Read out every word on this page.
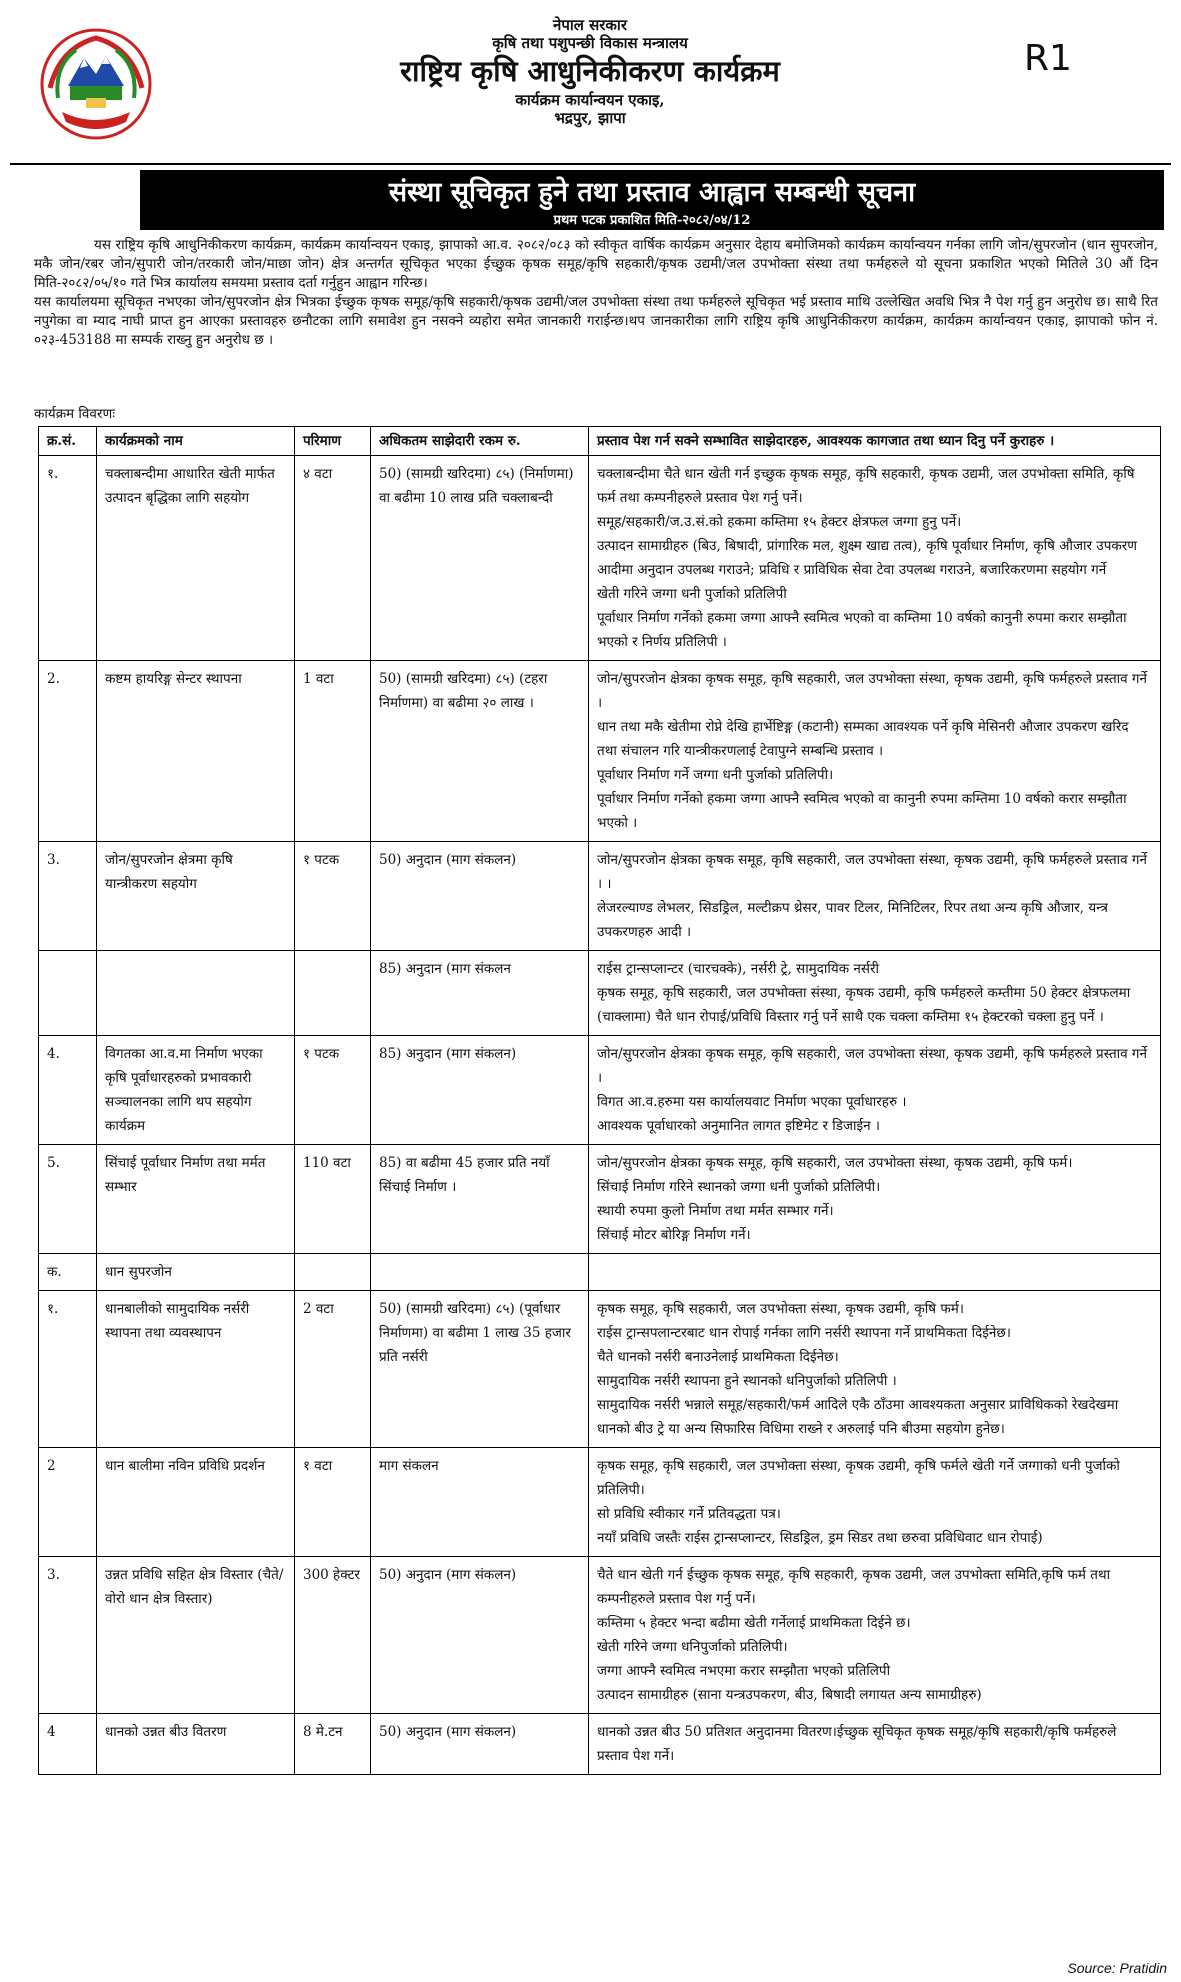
नेपाल सरकार
कृषि तथा पशुपन्छी विकास मन्त्रालय
राष्ट्रिय कृषि आधुनिकीकरण कार्यक्रम
कार्यक्रम कार्यान्वयन एकाइ,
भद्रपुर, झापा
R1
संस्था सूचिकृत हुने तथा प्रस्ताव आह्वान सम्बन्धी सूचना
प्रथम पटक प्रकाशित मिति-२०८२/०४/12

यस राष्ट्रिय कृषि आधुनिकीकरण कार्यक्रम, कार्यक्रम कार्यान्वयन एकाइ, झापाको आ.व. २०८२/०८३ को स्वीकृत वार्षिक कार्यक्रम अनुसार देहाय बमोजिमको कार्यक्रम कार्यान्वयन गर्नका लागि जोन/सुपरजोन (धान सुपरजोन, मकै जोन/रबर जोन/सुपारी जोन/तरकारी जोन/माछा जोन) क्षेत्र अन्तर्गत सूचिकृत भएका ईच्छुक कृषक समूह/कृषि सहकारी/कृषक उद्यमी/जल उपभोक्ता संस्था तथा फर्महरुले यो सूचना प्रकाशित भएको मितिले 30 औं दिन मिति-२०८२/०५/१० गते भित्र कार्यालय समयमा प्रस्ताव दर्ता गर्नुहुन आह्वान गरिन्छ।

यस कार्यालयमा सूचिकृत नभएका जोन/सुपरजोन क्षेत्र भित्रका ईच्छुक कृषक समूह/कृषि सहकारी/कृषक उद्यमी/जल उपभोक्ता संस्था तथा फर्महरुले सूचिकृत भई प्रस्ताव माथि उल्लेखित अवधि भित्र नै पेश गर्नु हुन अनुरोध छ। साथै रित नपुगेका वा म्याद नाघी प्राप्त हुन आएका प्रस्तावहरु छनौटका लागि समावेश हुन नसक्ने व्यहोरा समेत जानकारी गराईन्छ।थप जानकारीका लागि राष्ट्रिय कृषि आधुनिकीकरण कार्यक्रम, कार्यक्रम कार्यान्वयन एकाइ, झापाको फोन नं. ०२३-453188 मा सम्पर्क राख्नु हुन अनुरोध छ ।

कार्यक्रम विवरणः
क्र.सं.	कार्यक्रमको नाम	परिमाण	अधिकतम साझेदारी रकम रु.	प्रस्ताव पेश गर्न सक्ने सम्भावित साझेदारहरु, आवश्यक कागजात तथा ध्यान दिनु पर्ने कुराहरु ।
१.	चक्लाबन्दीमा आधारित खेती मार्फत उत्पादन बृद्धिका लागि सहयोग	४ वटा	50) (सामग्री खरिदमा) ८५) (निर्माणमा) वा बढीमा 10 लाख प्रति चक्लाबन्दी	चक्लाबन्दीमा चैते धान खेती गर्न इच्छुक कृषक समूह, कृषि सहकारी, कृषक उद्यमी, जल उपभोक्ता समिति, कृषि फर्म तथा कम्पनीहरुले प्रस्ताव पेश गर्नु पर्ने।
समूह/सहकारी/ज.उ.सं.को हकमा कम्तिमा १५ हेक्टर क्षेत्रफल जग्गा हुनु पर्ने।
उत्पादन सामाग्रीहरु (बिउ, बिषादी, प्रांगारिक मल, शुक्ष्म खाद्य तत्व), कृषि पूर्वाधार निर्माण, कृषि औजार उपकरण आदीमा अनुदान उपलब्ध गराउने; प्रविधि र प्राविधिक सेवा टेवा उपलब्ध गराउने, बजारिकरणमा सहयोग गर्ने
खेती गरिने जग्गा धनी पुर्जाको प्रतिलिपी
पूर्वाधार निर्माण गर्नेको हकमा जग्गा आफ्नै स्वमित्व भएको वा कम्तिमा 10 वर्षको कानुनी रुपमा करार सम्झौता भएको र निर्णय प्रतिलिपी ।

2.	कष्टम हायरिङ्ग सेन्टर स्थापना	1 वटा	50) (सामग्री खरिदमा) ८५) (टहरा निर्माणमा) वा बढीमा २० लाख ।	जोन/सुपरजोन क्षेत्रका कृषक समूह, कृषि सहकारी, जल उपभोक्ता संस्था, कृषक उद्यमी, कृषि फर्महरुले प्रस्ताव गर्ने ।
धान तथा मकै खेतीमा रोप्ने देखि हार्भेष्टिङ्ग (कटानी) सम्मका आवश्यक पर्ने कृषि मेसिनरी औजार उपकरण खरिद तथा संचालन गरि यान्त्रीकरणलाई टेवापुग्ने सम्बन्धि प्रस्ताव ।
पूर्वाधार निर्माण गर्ने जग्गा धनी पुर्जाको प्रतिलिपी।
पूर्वाधार निर्माण गर्नेको हकमा जग्गा आफ्नै स्वमित्व भएको वा कानुनी रुपमा कम्तिमा 10 वर्षको करार सम्झौता भएको ।

3.	जोन/सुपरजोन क्षेत्रमा कृषि यान्त्रीकरण सहयोग	१ पटक	50) अनुदान (माग संकलन)	जोन/सुपरजोन क्षेत्रका कृषक समूह, कृषि सहकारी, जल उपभोक्ता संस्था, कृषक उद्यमी, कृषि फर्महरुले प्रस्ताव गर्ने । ।
लेजरल्याण्ड लेभलर, सिडड्रिल, मल्टीक्रप थ्रेसर, पावर टिलर, मिनिटिलर, रिपर तथा अन्य कृषि औजार, यन्त्र उपकरणहरु आदी ।

			85) अनुदान (माग संकलन	राईस ट्रान्सप्लान्टर (चारचक्के), नर्सरी ट्रे, सामुदायिक नर्सरी
कृषक समूह, कृषि सहकारी, जल उपभोक्ता संस्था, कृषक उद्यमी, कृषि फर्महरुले कम्तीमा 50 हेक्टर क्षेत्रफलमा (चाक्लामा) चैते धान रोपाई/प्रविधि विस्तार गर्नु पर्ने साथै एक चक्ला कम्तिमा १५ हेक्टरको चक्ला हुनु पर्ने ।

4.	विगतका आ.व.मा निर्माण भएका कृषि पूर्वाधारहरुको प्रभावकारी सञ्चालनका लागि थप सहयोग कार्यक्रम	१ पटक	85) अनुदान (माग संकलन)	जोन/सुपरजोन क्षेत्रका कृषक समूह, कृषि सहकारी, जल उपभोक्ता संस्था, कृषक उद्यमी, कृषि फर्महरुले प्रस्ताव गर्ने ।
विगत आ.व.हरुमा यस कार्यालयवाट निर्माण भएका पूर्वाधारहरु ।
आवश्यक पूर्वाधारको अनुमानित लागत इष्टिमेट र डिजाईन ।

5.	सिंचाई पूर्वाधार निर्माण तथा मर्मत सम्भार	110 वटा	85) वा बढीमा 45 हजार प्रति नयाँ सिंचाई निर्माण ।	जोन/सुपरजोन क्षेत्रका कृषक समूह, कृषि सहकारी, जल उपभोक्ता संस्था, कृषक उद्यमी, कृषि फर्म।
सिंचाई निर्माण गरिने स्थानको जग्गा धनी पुर्जाको प्रतिलिपी।
स्थायी रुपमा कुलो निर्माण तथा मर्मत सम्भार गर्ने।
सिंचाई मोटर बोरिङ्ग निर्माण गर्ने।

क.	धान सुपरजोन			
१.	धानबालीको सामुदायिक नर्सरी स्थापना तथा व्यवस्थापन	2 वटा	50) (सामग्री खरिदमा) ८५) (पूर्वाधार निर्माणमा) वा बढीमा 1 लाख 35 हजार प्रति नर्सरी	कृषक समूह, कृषि सहकारी, जल उपभोक्ता संस्था, कृषक उद्यमी, कृषि फर्म।
राईस ट्रान्सपलान्टरबाट धान रोपाई गर्नका लागि नर्सरी स्थापना गर्ने प्राथमिकता दिईनेछ।
चैते धानको नर्सरी बनाउनेलाई प्राथमिकता दिईनेछ।
सामुदायिक नर्सरी स्थापना हुने स्थानको धनिपुर्जाको प्रतिलिपी ।
सामुदायिक नर्सरी भन्नाले समूह/सहकारी/फर्म आदिले एकै ठाँउमा आवश्यकता अनुसार प्राविधिकको रेखदेखमा धानको बीउ ट्रे या अन्य सिफारिस विधिमा राख्ने र अरुलाई पनि बीउमा सहयोग हुनेछ।

2	धान बालीमा नविन प्रविधि प्रदर्शन	१ वटा	माग संकलन	कृषक समूह, कृषि सहकारी, जल उपभोक्ता संस्था, कृषक उद्यमी, कृषि फर्मले खेती गर्ने जग्गाको धनी पुर्जाको प्रतिलिपी।
सो प्रविधि स्वीकार गर्ने प्रतिवद्धता पत्र।
नयाँ प्रविधि जस्तैः राईस ट्रान्सप्लान्टर, सिडड्रिल, ड्रम सिडर तथा छरुवा प्रविधिवाट धान रोपाई)

3.	उन्नत प्रविधि सहित क्षेत्र विस्तार (चैते/वोरो धान क्षेत्र विस्तार)	300 हेक्टर	50) अनुदान (माग संकलन)	चैते धान खेती गर्न ईच्छुक कृषक समूह, कृषि सहकारी, कृषक उद्यमी, जल उपभोक्ता समिति,कृषि फर्म तथा कम्पनीहरुले प्रस्ताव पेश गर्नु पर्ने।
कम्तिमा ५ हेक्टर भन्दा बढीमा खेती गर्नेलाई प्राथमिकता दिईने छ।
खेती गरिने जग्गा धनिपुर्जाको प्रतिलिपी।
जग्गा आफ्नै स्वमित्व नभएमा करार सम्झौता भएको प्रतिलिपी
उत्पादन सामाग्रीहरु (साना यन्त्रउपकरण, बीउ, बिषादी लगायत अन्य सामाग्रीहरु)

4	धानको उन्नत बीउ वितरण	8 मे.टन	50) अनुदान (माग संकलन)	धानको उन्नत बीउ 50 प्रतिशत अनुदानमा वितरण।ईच्छुक सूचिकृत कृषक समूह/कृषि सहकारी/कृषि फर्महरुले प्रस्ताव पेश गर्ने।
Source: Pratidin
